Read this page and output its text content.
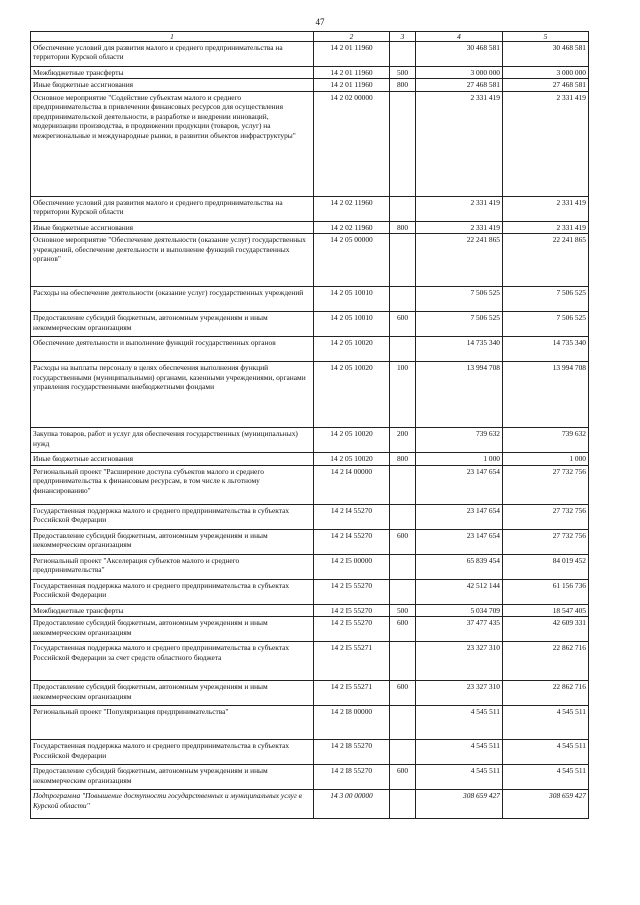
47
1	2	3	4	5
Обеспечение условий для развития малого и среднего предпринимательства на территории Курской области	14 2 01 11960		30 468 581	30 468 581
Межбюджетные трансферты	14 2 01 11960	500	3 000 000	3 000 000
Иные бюджетные ассигнования	14 2 01 11960	800	27 468 581	27 468 581
Основное мероприятие "Содействие субъектам малого и среднего предпринимательства в привлечении финансовых ресурсов для осуществления предпринимательской деятельности, в разработке и внедрении инноваций, модернизации производства, в продвижении продукции (товаров, услуг) на межрегиональные и международные рынки, в развитии объектов инфраструктуры"	14 2 02 00000		2 331 419	2 331 419
Обеспечение условий для развития малого и среднего предпринимательства на территории Курской области	14 2 02 11960		2 331 419	2 331 419
Иные бюджетные ассигнования	14 2 02 11960	800	2 331 419	2 331 419
Основное мероприятие "Обеспечение деятельности (оказание услуг) государственных учреждений, обеспечение деятельности и выполнение функций государственных органов"	14 2 05 00000		22 241 865	22 241 865
Расходы на обеспечение деятельности (оказание услуг) государственных учреждений	14 2 05 10010		7 506 525	7 506 525
Предоставление субсидий бюджетным, автономным учреждениям и иным некоммерческим организациям	14 2 05 10010	600	7 506 525	7 506 525
Обеспечение деятельности и выполнение функций государственных органов	14 2 05 10020		14 735 340	14 735 340
Расходы на выплаты персоналу в целях обеспечения выполнения функций государственными (муниципальными) органами, казенными учреждениями, органами управления государственными внебюджетными фондами	14 2 05 10020	100	13 994 708	13 994 708
Закупка товаров, работ и услуг для обеспечения государственных (муниципальных) нужд	14 2 05 10020	200	739 632	739 632
Иные бюджетные ассигнования	14 2 05 10020	800	1 000	1 000
Региональный проект "Расширение доступа субъектов малого и среднего предпринимательства к финансовым ресурсам, в том числе к льготному финансированию"	14 2 I4 00000		23 147 654	27 732 756
Государственная поддержка малого и среднего предпринимательства в субъектах Российской Федерации	14 2 I4 55270		23 147 654	27 732 756
Предоставление субсидий бюджетным, автономным учреждениям и иным некоммерческим организациям	14 2 I4 55270	600	23 147 654	27 732 756
Региональный проект "Акселерация субъектов малого и среднего предпринимательства"	14 2 I5 00000		65 839 454	84 019 452
Государственная поддержка малого и среднего предпринимательства в субъектах Российской Федерации	14 2 I5 55270		42 512 144	61 156 736
Межбюджетные трансферты	14 2 I5 55270	500	5 034 709	18 547 405
Предоставление субсидий бюджетным, автономным учреждениям и иным некоммерческим организациям	14 2 I5 55270	600	37 477 435	42 609 331
Государственная поддержка малого и среднего предпринимательства в субъектах Российской Федерации за счет средств областного бюджета	14 2 I5 55271		23 327 310	22 862 716
Предоставление субсидий бюджетным, автономным учреждениям и иным некоммерческим организациям	14 2 I5 55271	600	23 327 310	22 862 716
Региональный проект "Популяризация предпринимательства"	14 2 I8 00000		4 545 511	4 545 511
Государственная поддержка малого и среднего предпринимательства в субъектах Российской Федерации	14 2 I8 55270		4 545 511	4 545 511
Предоставление субсидий бюджетным, автономным учреждениям и иным некоммерческим организациям	14 2 I8 55270	600	4 545 511	4 545 511
Подпрограмма "Повышение доступности государственных и муниципальных услуг в Курской области"	14 3 00 00000		308 659 427	308 659 427
